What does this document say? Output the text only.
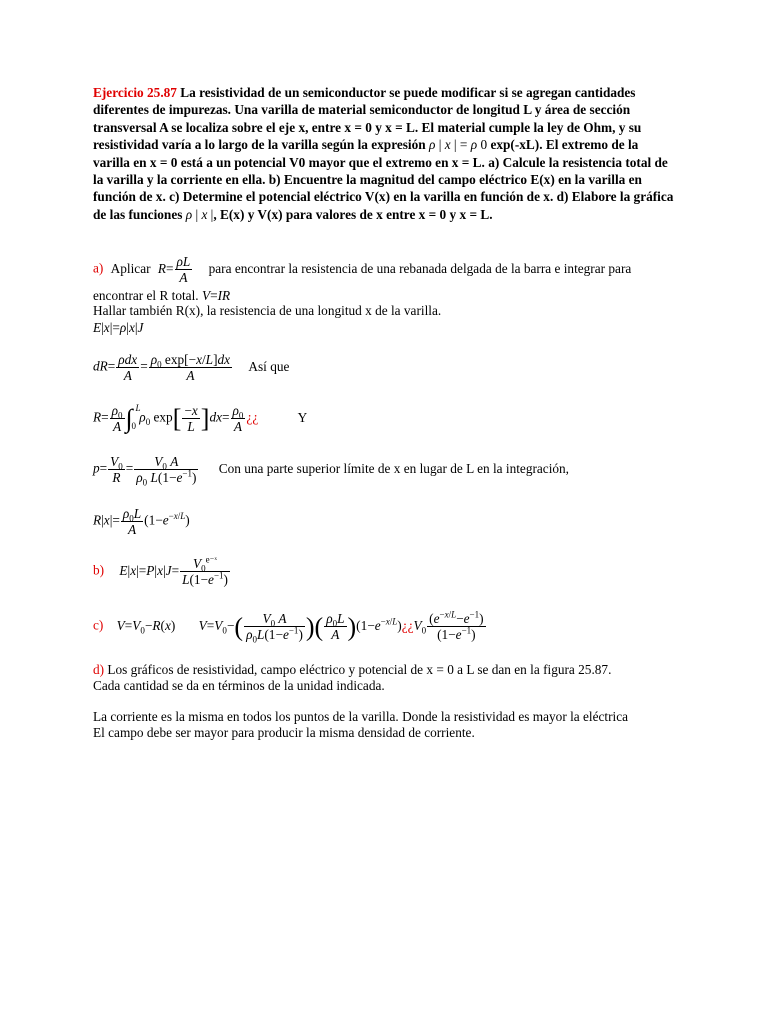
Ejercicio 25.87 La resistividad de un semiconductor se puede modificar si se agregan cantidades diferentes de impurezas. Una varilla de material semiconductor de longitud L y área de sección transversal A se localiza sobre el eje x, entre x = 0 y x = L. El material cumple la ley de Ohm, y su resistividad varía a lo largo de la varilla según la expresión ρ | x | = ρ 0 exp(-xL). El extremo de la varilla en x = 0 está a un potencial V0 mayor que el extremo en x = L. a) Calcule la resistencia total de la varilla y la corriente en ella. b) Encuentre la magnitud del campo eléctrico E(x) en la varilla en función de x. c) Determine el potencial eléctrico V(x) en la varilla en función de x. d) Elabore la gráfica de las funciones ρ | x |, E(x) y V(x) para valores de x entre x = 0 y x = L.
a) Aplicar $R= \frac{\rho L}{A}$ para encontrar la resistencia de una rebanada delgada de la barra e integrar para
encontrar el R total. V=IR
Hallar también R(x), la resistencia de una longitud x de la varilla.
E|x|=ρ|x|J
$dR= \frac{\text{ρdx}}{A} = \frac{\rho_0 \exp[-x/L]dx}{A}$ Así que
$R= \frac{\rho_0}{A}$ ∫ L
0
$\rho_0$ $\exp[ \frac{-x}{L} ]dx= \frac{\rho_0}{A}$ ¿¿	Y
$p= \frac{V_0}{R} = \frac{V_0 A}{\rho_0 L(1-e^{-1})}$ Con una parte superior límite de x en lugar de L en la integración,
$R|x|= \frac{\rho_0L}{A} (1-e^{-x/L})$
b) $E|x|=P|x|J= \frac{V_0^{e^-ˣ}}{L(1-e^{-1})}$
c) $V=V_0-R(x)$ $V=V_0-( \frac{V_0 A}{\rho_0L(1-e^{-1})}$ )( $\frac{\rho_0L}{A}$ )$(1-e^{-x/L})¿¿V_0 \frac{(e^{-x/L}-e^{-1})}{(1-e^{-1})}$
d) Los gráficos de resistividad, campo eléctrico y potencial de x = 0 a L se dan en la figura 25.87.
Cada cantidad se da en términos de la unidad indicada.
La corriente es la misma en todos los puntos de la varilla. Donde la resistividad es mayor la eléctrica
El campo debe ser mayor para producir la misma densidad de corriente.
